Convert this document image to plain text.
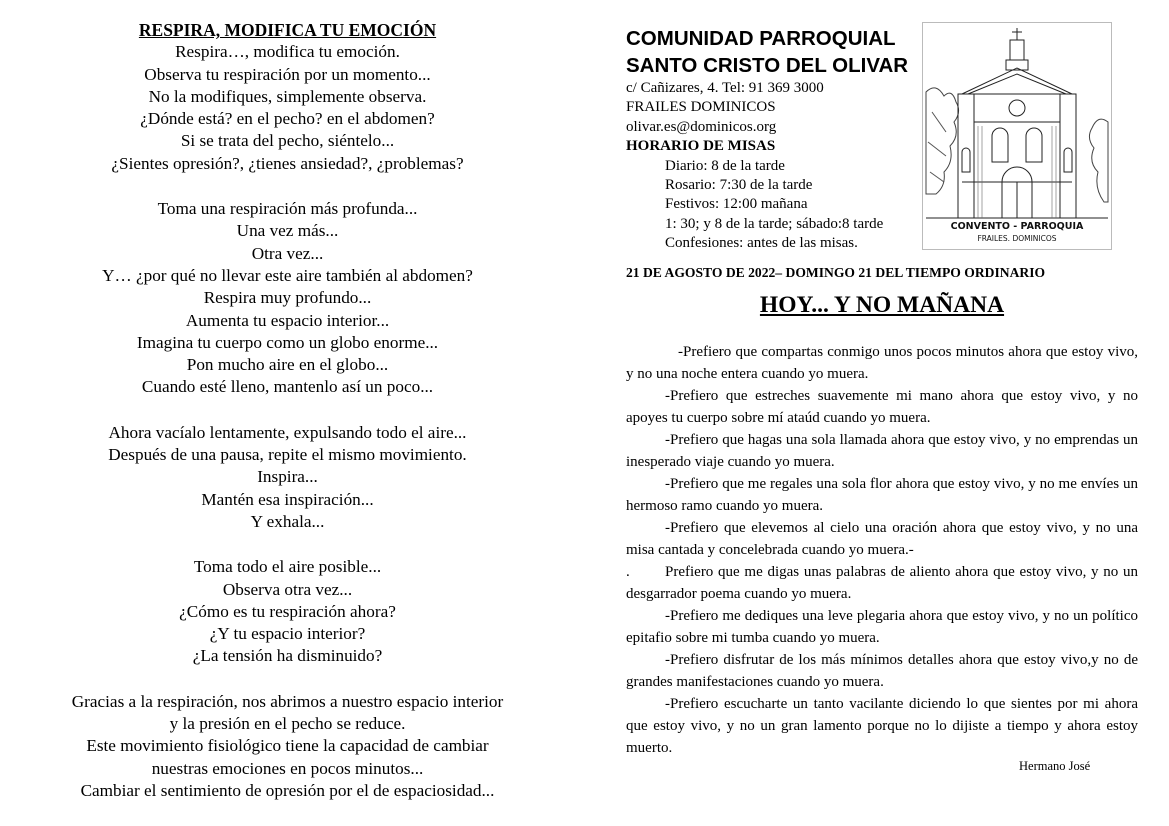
RESPIRA, MODIFICA TU EMOCIÓN
Respira…, modifica tu emoción.
Observa tu respiración por un momento...
No la modifiques, simplemente observa.
¿Dónde está? en el pecho? en el abdomen?
Si se trata del pecho, siéntelo...
¿Sientes opresión?, ¿tienes ansiedad?, ¿problemas?
Toma una respiración más profunda...
Una vez más...
Otra vez...
Y… ¿por qué no llevar este aire también al abdomen?
Respira muy profundo...
Aumenta tu espacio interior...
Imagina tu cuerpo como un globo enorme...
Pon mucho aire en el globo...
Cuando esté lleno, mantenlo así un poco...
Ahora vacíalo lentamente, expulsando todo el aire...
Después de una pausa, repite el mismo movimiento.
Inspira...
Mantén esa inspiración...
Y exhala...
Toma todo el aire posible...
Observa otra vez...
¿Cómo es tu respiración ahora?
¿Y tu espacio interior?
¿La tensión ha disminuido?
Gracias a la respiración, nos abrimos a nuestro espacio interior
y la presión en el pecho se reduce.
Este movimiento fisiológico tiene la capacidad de cambiar
nuestras emociones en pocos minutos...
Cambiar el sentimiento de opresión por el de espaciosidad...
COMUNIDAD PARROQUIAL
SANTO CRISTO DEL OLIVAR
c/ Cañizares, 4. Tel: 91 369 3000
FRAILES DOMINICOS
olivar.es@dominicos.org
HORARIO DE MISAS
Diario: 8 de la tarde
Rosario: 7:30 de la tarde
Festivos: 12:00 mañana
1: 30; y 8 de la tarde; sábado:8 tarde
Confesiones: antes de las misas.
CONVENTO - PARROQUIA
FRAILES. DOMINICOS
21 DE AGOSTO DE 2022– DOMINGO 21 DEL TIEMPO ORDINARIO
HOY... Y NO MAÑANA

-Prefiero que compartas conmigo unos pocos minutos ahora que estoy vivo, y no una noche entera cuando yo muera.

-Prefiero que estreches suavemente mi mano ahora que estoy vivo, y no apoyes tu cuerpo sobre mí ataúd cuando yo muera.

-Prefiero que hagas una sola llamada ahora que estoy vivo, y no emprendas un inesperado viaje cuando yo muera.

-Prefiero que me regales una sola flor ahora que estoy vivo, y no me envíes un hermoso ramo cuando yo muera.

-Prefiero que elevemos al cielo una oración ahora que estoy vivo, y no una misa cantada y concelebrada cuando yo muera.-

. Prefiero que me digas unas palabras de aliento ahora que estoy vivo, y no un desgarrador poema cuando yo muera.

-Prefiero me dediques una leve plegaria ahora que estoy vivo, y no un político epitafio sobre mi tumba cuando yo muera.

-Prefiero disfrutar de los más mínimos detalles ahora que estoy vivo,y no de grandes manifestaciones cuando yo muera.

-Prefiero escucharte un tanto vacilante diciendo lo que sientes por mi ahora que estoy vivo, y no un gran lamento porque no lo dijiste a tiempo y ahora estoy muerto.

Hermano José
